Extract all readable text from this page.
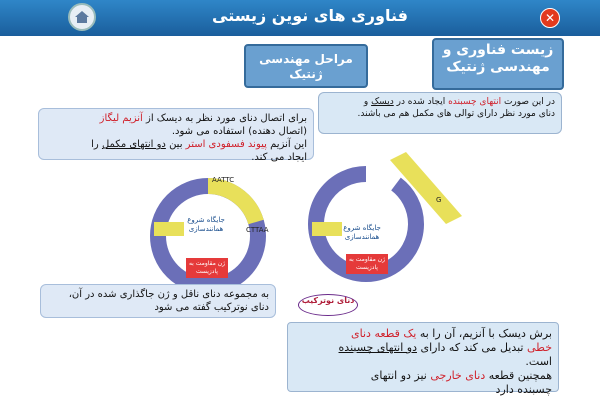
فناوری های نوین زیستی	✕
مراحل مهندسی ژنتیک
زیست فناوری و مهندسی ژنتیک
جایگاه شروع همانندسازی	جایگاه شروع همانندسازی
ژن مقاومت به پادزیست
ژن مقاومت به پادزیست
AATTC
G
CTTAA
برای اتصال دنای مورد نظر به دیسک از آنزیم لیگاز
(اتصال دهنده) استفاده می شود.
این آنزیم پیوند فسفودی استر بین دو انتهای مکمل را
ایجاد می کند.
در این صورت انتهای چسبنده ایجاد شده در دیسک و
دنای مورد نظر دارای توالی های مکمل هم می باشند.
به مجموعه دنای ناقل و ژن جاگذاری شده در آن،
دنای نوترکیب گفته می شود
دنای نوترکیب
برش دیسک با آنزیم، آن را به یک قطعه دنای
خطی تبدیل می کند که دارای دو انتهای چسبنده
است.
همچنین قطعه دنای خارجی نیز دو انتهای
چسبنده دارد
